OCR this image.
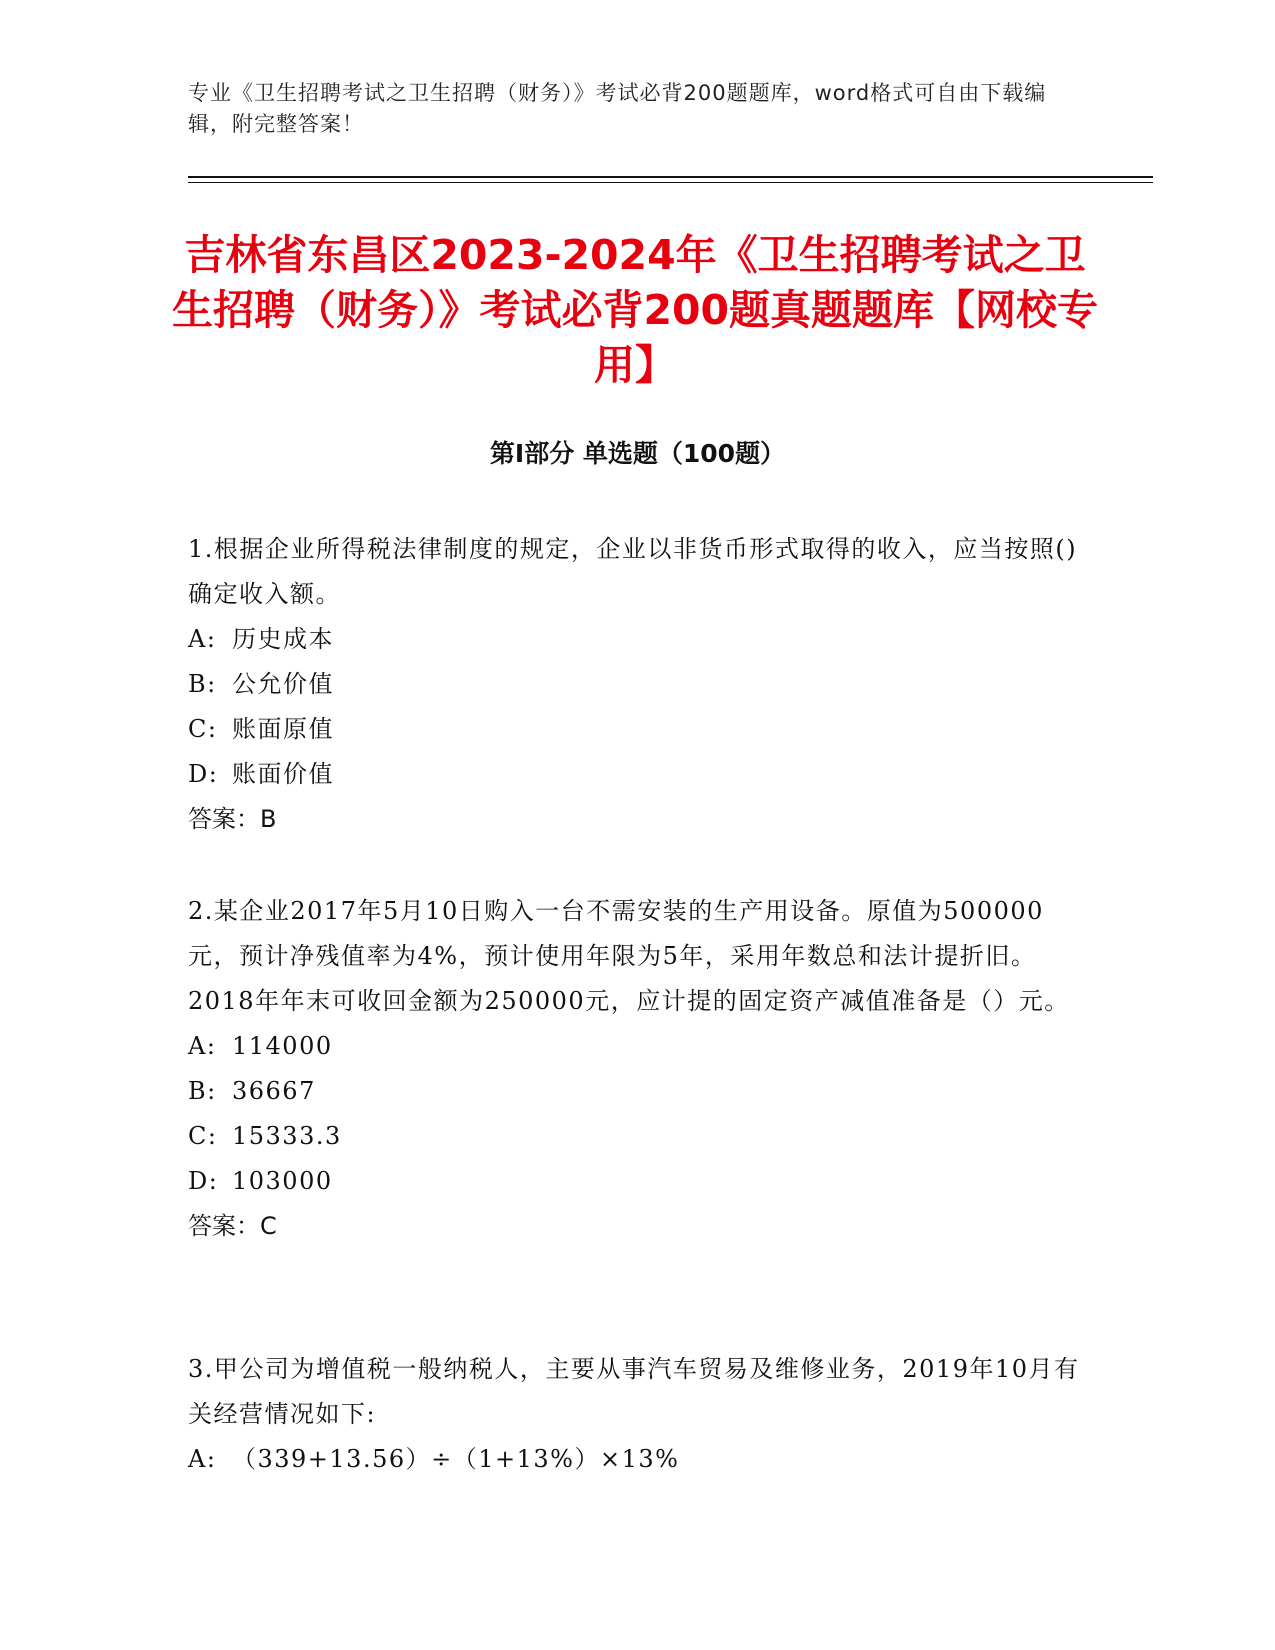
专业《卫生招聘考试之卫生招聘（财务）》考试必背200题题库，word格式可自由下载编辑，附完整答案！
吉林省东昌区2023-2024年《卫生招聘考试之卫生招聘（财务）》考试必背200题真题题库【网校专用】
第I部分 单选题（100题）
1.根据企业所得税法律制度的规定，企业以非货币形式取得的收入，应当按照()确定收入额。
A: 历史成本
B: 公允价值
C: 账面原值
D: 账面价值
答案：B
2.某企业2017年5月10日购入一台不需安装的生产用设备。原值为500000元，预计净残值率为4%，预计使用年限为5年，采用年数总和法计提折旧。2018年年末可收回金额为250000元，应计提的固定资产减值准备是（）元。
A: 114000
B: 36667
C: 15333.3
D: 103000
答案：C
3.甲公司为增值税一般纳税人，主要从事汽车贸易及维修业务，2019年10月有关经营情况如下:
A: （339+13.56）÷（1+13%）×13%
